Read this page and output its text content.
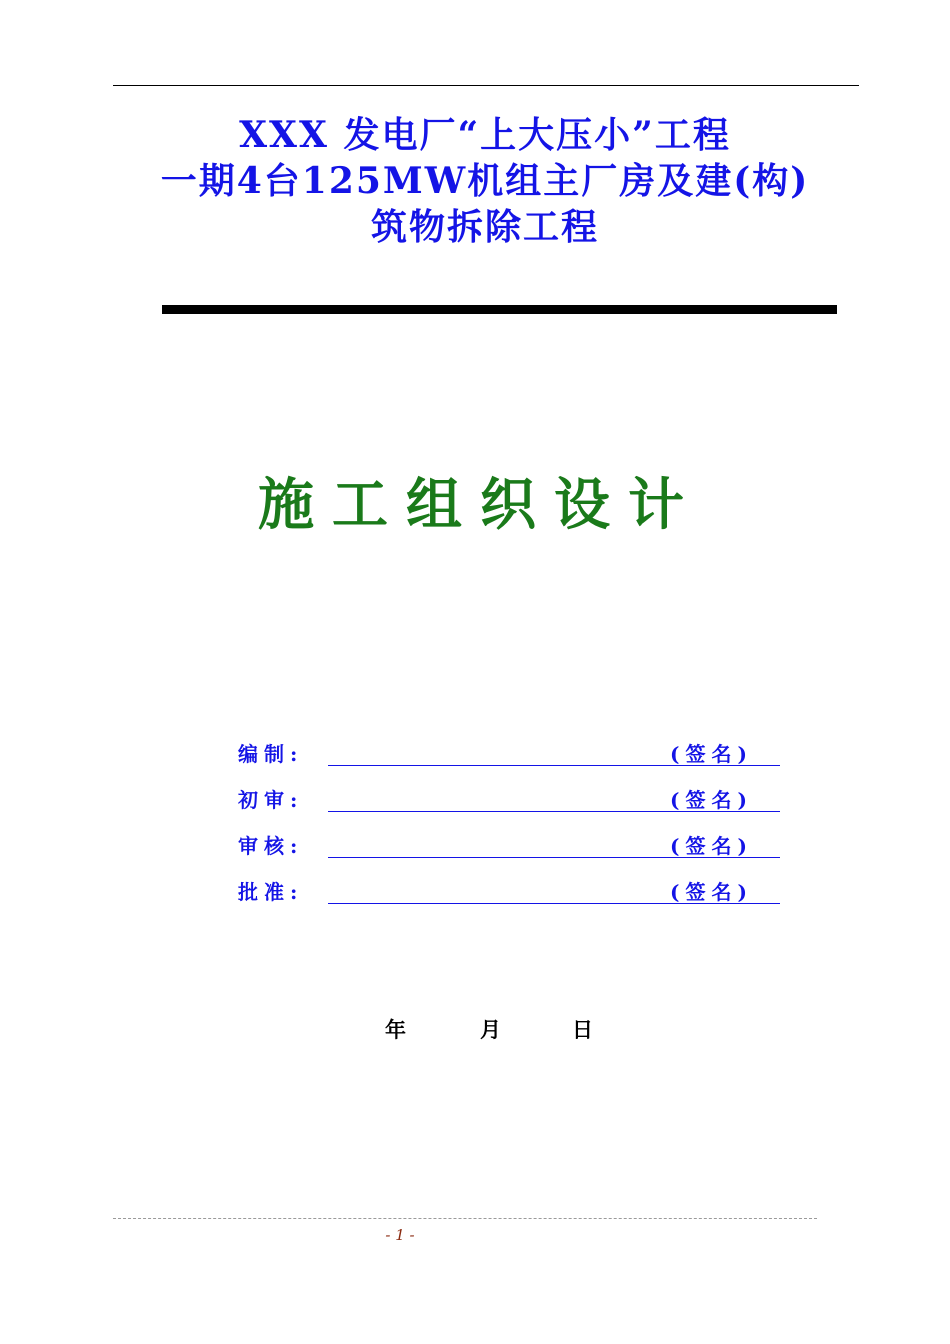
XXX 发电厂“上大压小”工程
一期4台125MW机组主厂房及建(构)
筑物拆除工程
施工组织设计
编制:	(签名)
初审:	(签名)
审核:	(签名)
批准:	(签名)
年	月	日
- 1 -
